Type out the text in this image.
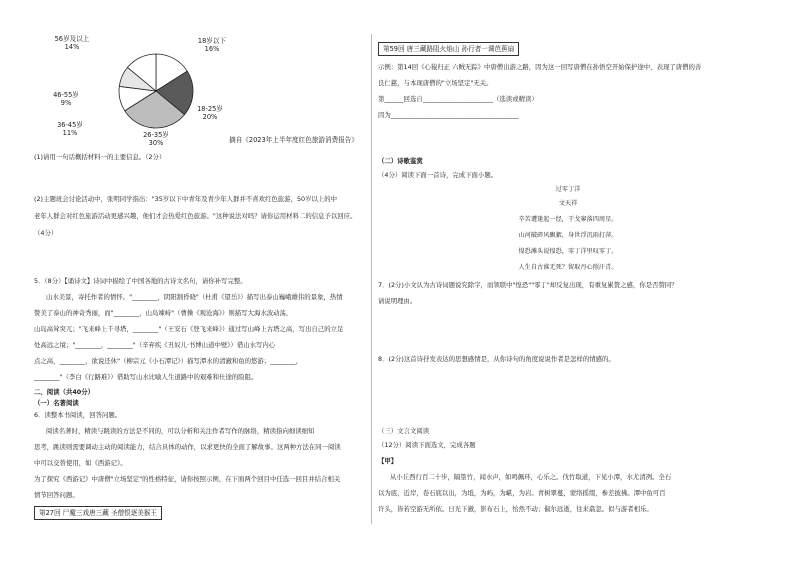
18岁以下
16%
18-25岁
20%
26-35岁
30%
36-45岁
11%
46-55岁
9%
56岁及以上
14%
摘自《2023年上半年度红色旅游消费报告》
(1)请用一句话概括材料一的主要信息。（2分）
(2)主题班会讨论活动中，张明同学指出："35岁以下中青年及青少年人群并不喜欢红色旅游，50岁以上的中
老年人群会对红色旅游活动更感兴趣，他们才会热爱红色旅游。"这种说法对吗？请你运用材料二的信息予以回应。
（4分）
5．（8分）【诵诗文】诗词中描绘了中国各地的古诗文名句，请你补写完整。
山水美景，寄托作者的情怀。"________，阴阳割昏晓"（杜甫《望岳》）描写出泰山巍峨雄伟的景象，热情
赞美了泰山的神奇秀丽，而"________，山岛竦峙"（曹操《观沧海》）则描写大海水波动荡，
山岛高耸突兀；"飞来峰上千寻塔，________"（王安石《登飞来峰》）通过写山峰上古塔之高，写出自己的立足
处高远之境；"________，________"（辛弃疾《丑奴儿·书博山道中壁》）借山水写内心
点之高，________，欲说还休"（柳宗元《小石潭记》）描写潭水的清澈和鱼的悠游；________，
________"（李白《行路难》）借助写山水比喻人生道路中的艰难和仕途的险阻。
二、阅读（共40分）
（一）名著阅读
6．读整本书阅读，回答问题。
阅读名著时，精读与跳读的方法是不同的，可以分析和关注作者写作的脉络，精读指向细读细知
思考，跳读则需要调动主动的阅读能力，结合具体的动作，以求更快的全面了解故事。这两种方法在同一阅读
中可以交替使用，如《西游记》。
为了探究《西游记》中唐僧"立场坚定"的性格特征，请你按照示例，在下面两个回目中任选一回目并结合相关
情节回答问题。
第27回 尸魔三戏唐三藏 圣僧恨逐美猴王
第59回 唐三藏路阻火焰山 孙行者一调芭蕉扇
示例：第14回《心猿归正 六贼无踪》中唐僧出游之路，因为这一回写唐僧在孙悟空开始保护途中，表现了唐僧的善
良仁慈，与本现唐僧的"立场坚定"无关。
第______回选自______________________（选读或精读）
因为________________________________________
（二）诗歌鉴赏
（4分）阅读下面一首诗，完成下面小题。
过零丁洋
文天祥
辛苦遭逢起一经，干戈寥落四周星。
山河破碎风飘絮，身世浮沉雨打萍。
惶恐滩头说惶恐，零丁洋里叹零丁。
人生自古谁无死？留取丹心照汗青。
7．(2分)小文认为古诗词题说究除字，而领联中"惶恐""零丁"却反复出现，有重复累赘之感，你是否赞同？
请说明理由。
8．(2分)这首诗抒发表达的思想感情是，从你诗句的角度说说作者是怎样的情感的。
（三）文言文阅读
（12分）阅读下面选文，完成各题
【甲】
从小丘西行百二十步，隔篁竹，闻水声，如鸣佩环，心乐之。伐竹取道，下见小潭，水尤清冽。全石
以为底，近岸，卷石底以出，为坻，为屿，为嵁，为岩。青树翠蔓，蒙络摇缀，参差披拂。潭中鱼可百
许头，皆若空游无所依。日光下澈，影布石上，怡然不动；俶尔远逝，往来翕忽。似与游者相乐。
